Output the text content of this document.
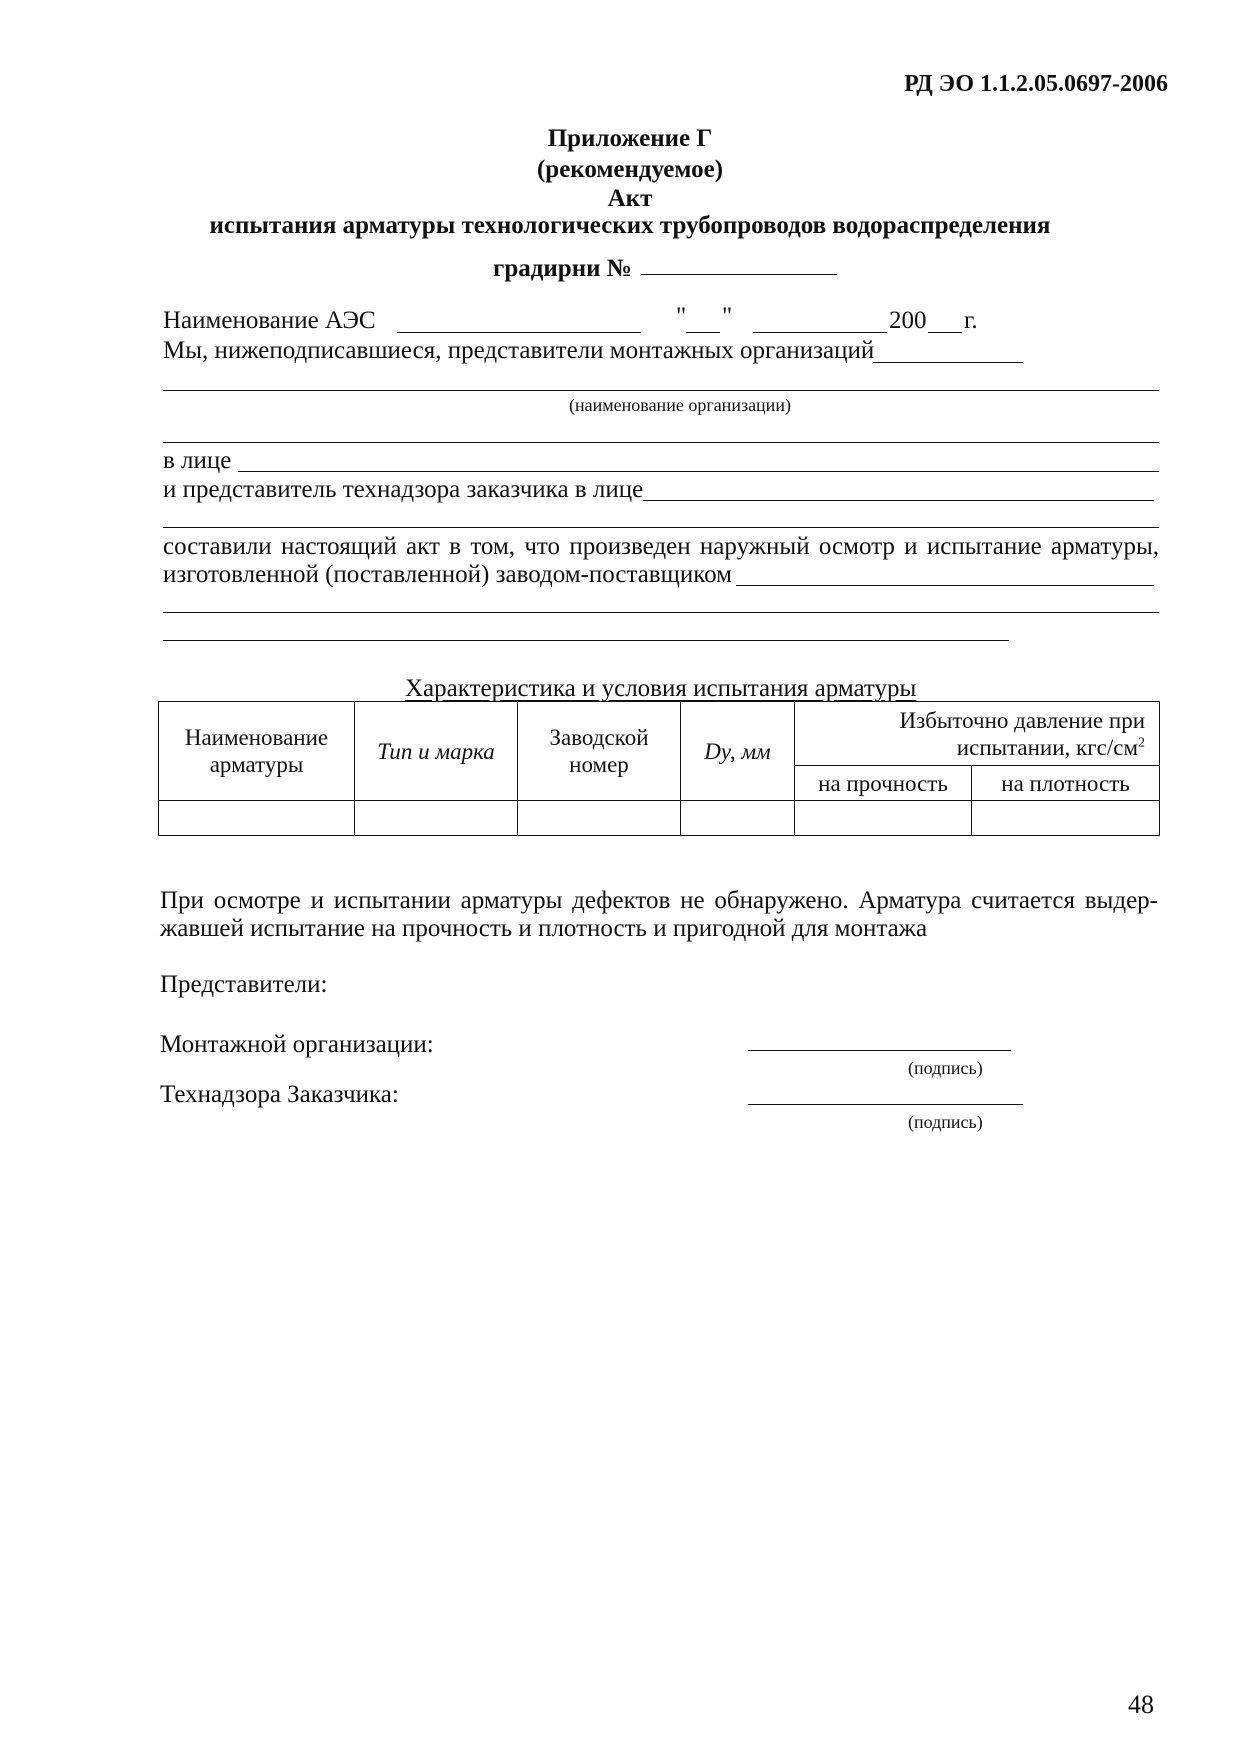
РД ЭО 1.1.2.05.0697-2006
Приложение Г
(рекомендуемое)
Акт
испытания арматуры технологических трубопроводов водораспределения
градирни №
Наименование АЭС	" "	200 г.
Мы, нижеподписавшиеся, представители монтажных организаций
(наименование организации)
в лице
и представитель технадзора заказчика в лице
составили настоящий акт в том, что произведен наружный осмотр и испытание арматуры,
изготовленной (поставленной) заводом-поставщиком
Характеристика и условия испытания арматуры
Наименование арматуры	Тип и марка	Заводской номер	Dy, мм	Избыточно давление при испытании, кгс/$см^2$
				на прочность	на плотность

При осмотре и испытании арматуры дефектов не обнаружено. Арматура считается выдер-
жавшей испытание на прочность и плотность и пригодной для монтажа
Представители:
Монтажной организации:
(подпись)
Технадзора Заказчика:
(подпись)
48
